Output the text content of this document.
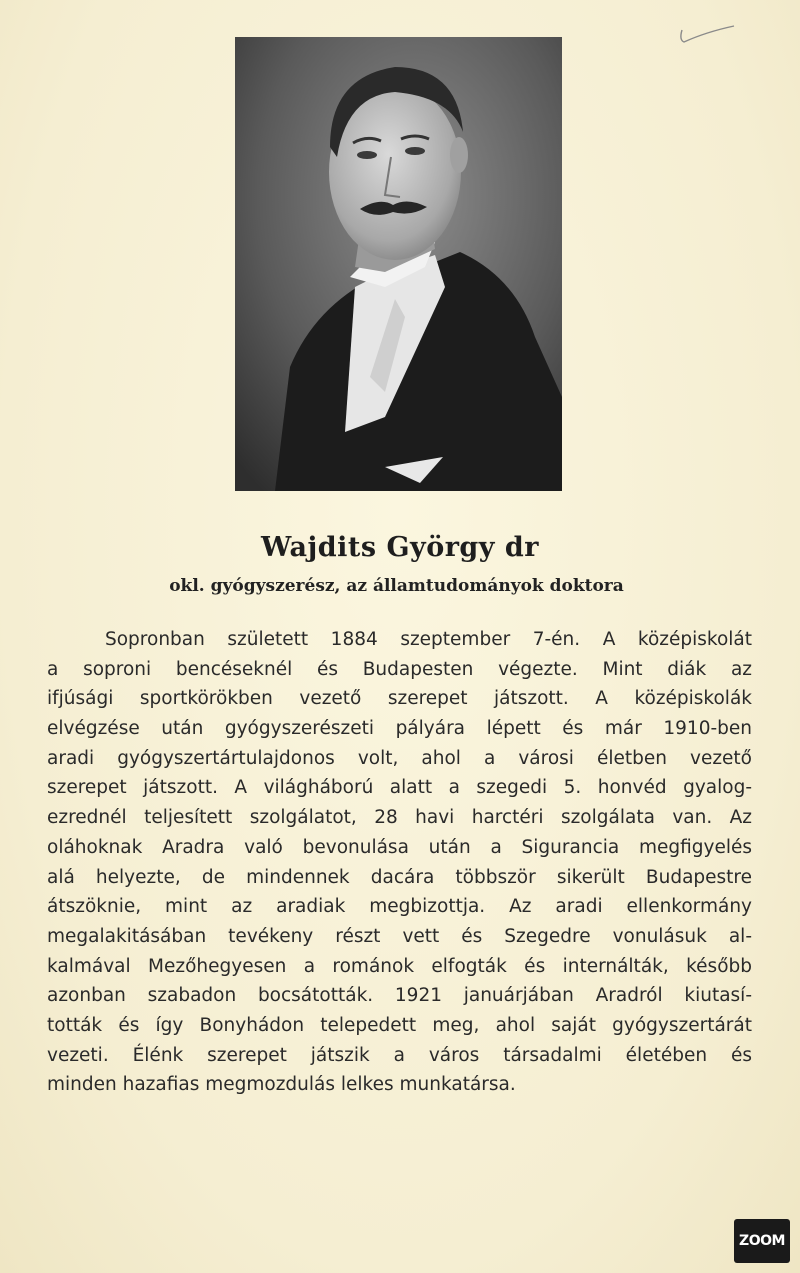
Wajdits György dr
okl. gyógyszerész, az államtudományok doktora
Sopronban született 1884 szeptember 7-én. A középiskolát
a soproni bencéseknél és Budapesten végezte. Mint diák az
ifjúsági sportkörökben vezető szerepet játszott. A középiskolák
elvégzése után gyógyszerészeti pályára lépett és már 1910-ben
aradi gyógyszertártulajdonos volt, ahol a városi életben vezető
szerepet játszott. A világháború alatt a szegedi 5. honvéd gyalog-
ezrednél teljesített szolgálatot, 28 havi harctéri szolgálata van. Az
oláhoknak Aradra való bevonulása után a Sigurancia megfigyelés
alá helyezte, de mindennek dacára többször sikerült Budapestre
átszöknie, mint az aradiak megbizottja. Az aradi ellenkormány
megalakitásában tevékeny részt vett és Szegedre vonulásuk al-
kalmával Mezőhegyesen a románok elfogták és internálták, később
azonban szabadon bocsátották. 1921 januárjában Aradról kiutasí-
tották és így Bonyhádon telepedett meg, ahol saját gyógyszertárát
vezeti. Élénk szerepet játszik a város társadalmi életében és
minden hazafias megmozdulás lelkes munkatársa.
ZOOM
